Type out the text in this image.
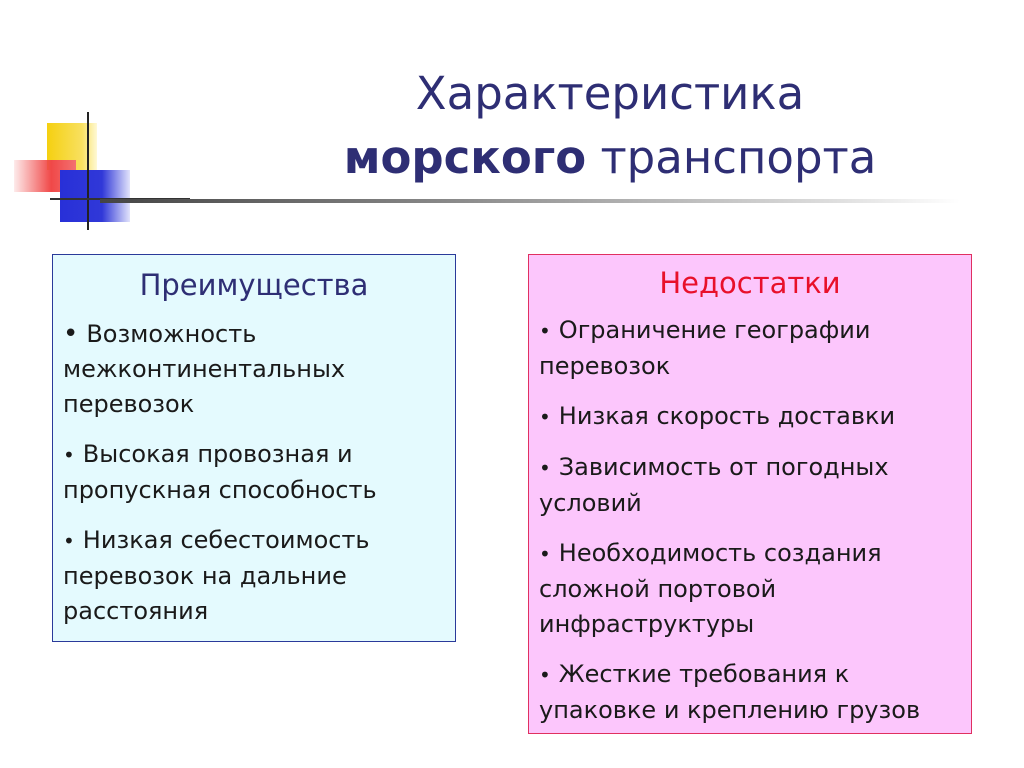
Характеристика
морского транспорта
Преимущества
• Возможность межконтинентальных перевозок
• Высокая провозная и пропускная способность
• Низкая себестоимость перевозок на дальние расстояния
Недостатки
• Ограничение географии перевозок
• Низкая скорость доставки
• Зависимость от погодных условий
• Необходимость создания сложной портовой инфраструктуры
• Жесткие требования к упаковке и креплению грузов
